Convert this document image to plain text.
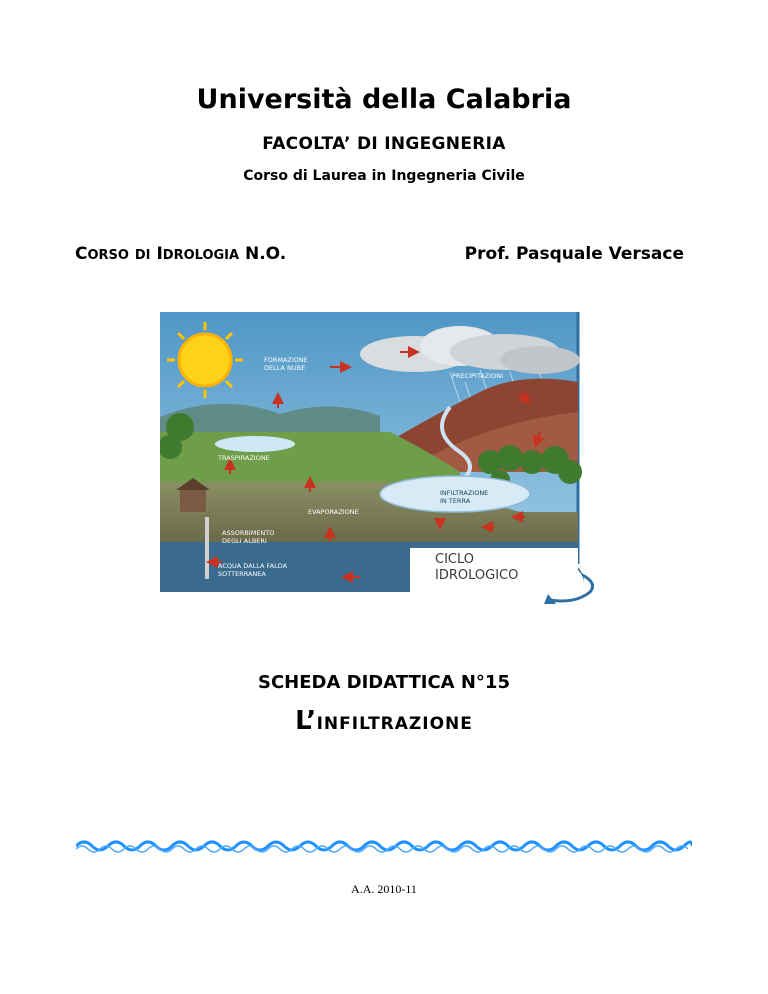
Università della Calabria
FACOLTA’ DI INGEGNERIA
Corso di Laurea in Ingegneria Civile
CORSO DI IDROLOGIA N.O.	Prof. Pasquale Versace
FORMAZIONE
DELLA NUBE
PRECIPITAZIONI
TRASPIRAZIONE
INFILTRAZIONE
IN TERRA
EVAPORAZIONE
ASSORBIMENTO
DEGLI ALBERI
ACQUA DALLA FALDA
SOTTERRANEA
CICLO
IDROLOGICO
SCHEDA DIDATTICA N°15
L’INFILTRAZIONE
A.A. 2010-11
